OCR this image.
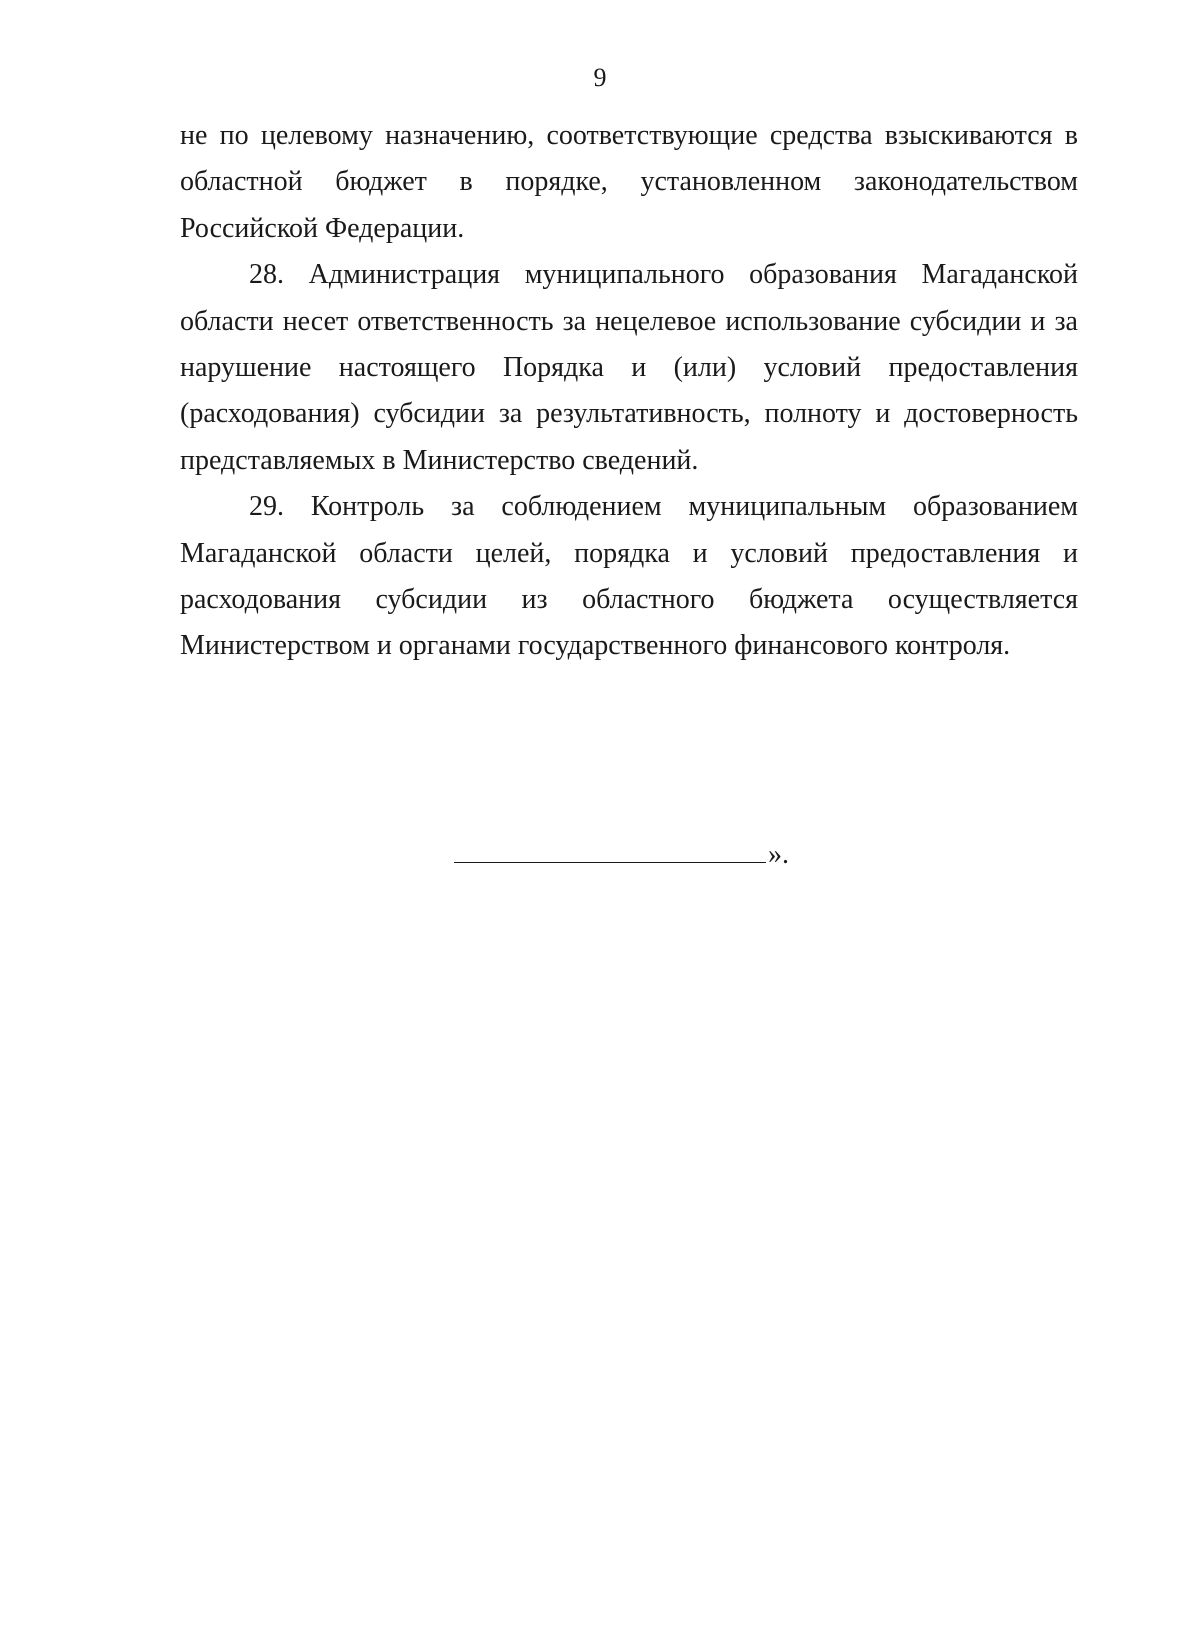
9

не по целевому назначению, соответствующие средства взыскиваются в областной бюджет в порядке, установленном законодательством Российской Федерации.

28. Администрация муниципального образования Магаданской области несет ответственность за нецелевое использование субсидии и за нарушение настоящего Порядка и (или) условий предоставления (расходования) субсидии за результативность, полноту и достоверность представляемых в Министерство сведений.

29. Контроль за соблюдением муниципальным образованием Магаданской области целей, порядка и условий предоставления и расходования субсидии из областного бюджета осуществляется Министерством и органами государственного финансового контроля.

».
